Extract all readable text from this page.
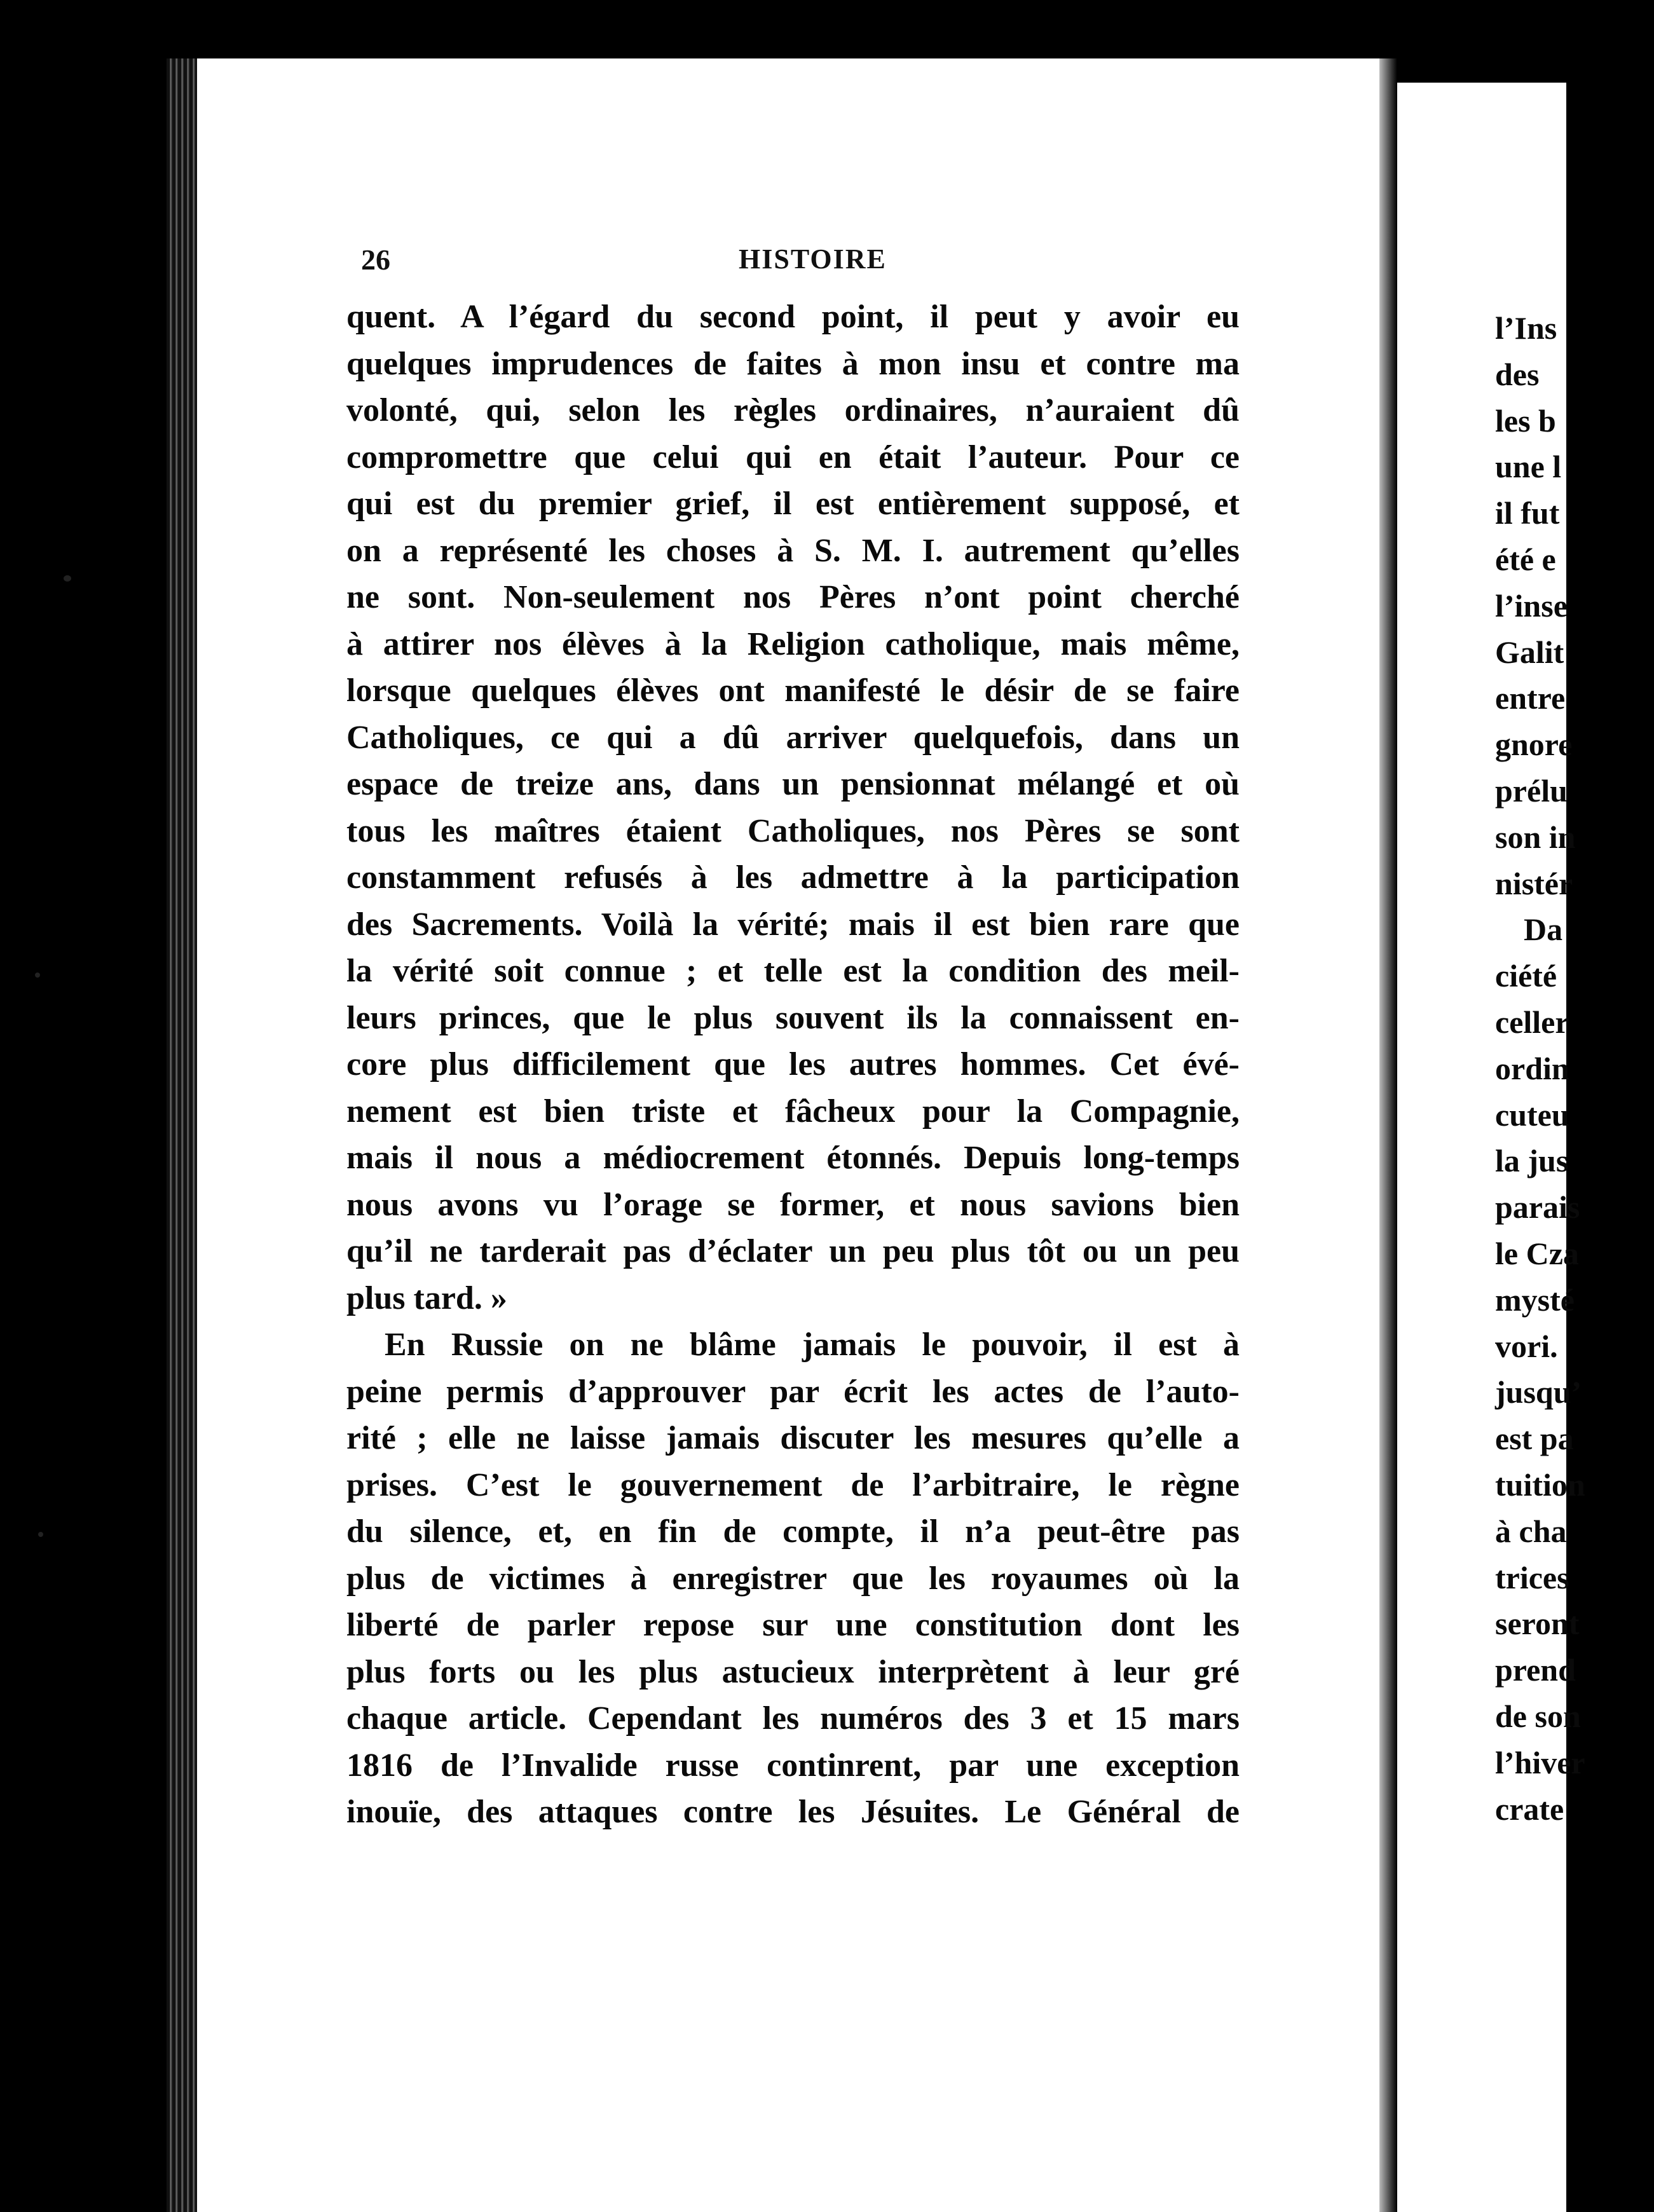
26	HISTOIRE
quent. A l’égard du second point, il peut y avoir eu
quelques imprudences de faites à mon insu et contre ma
volonté, qui, selon les règles ordinaires, n’auraient dû
compromettre que celui qui en était l’auteur. Pour ce
qui est du premier grief, il est entièrement supposé, et
on a représenté les choses à S. M. I. autrement qu’elles
ne sont. Non-seulement nos Pères n’ont point cherché
à attirer nos élèves à la Religion catholique, mais même,
lorsque quelques élèves ont manifesté le désir de se faire
Catholiques, ce qui a dû arriver quelquefois, dans un
espace de treize ans, dans un pensionnat mélangé et où
tous les maîtres étaient Catholiques, nos Pères se sont
constamment refusés à les admettre à la participation
des Sacrements. Voilà la vérité; mais il est bien rare que
la vérité soit connue ; et telle est la condition des meil-
leurs princes, que le plus souvent ils la connaissent en-
core plus difficilement que les autres hommes. Cet évé-
nement est bien triste et fâcheux pour la Compagnie,
mais il nous a médiocrement étonnés. Depuis long-temps
nous avons vu l’orage se former, et nous savions bien
qu’il ne tarderait pas d’éclater un peu plus tôt ou un peu
plus tard. »
En Russie on ne blâme jamais le pouvoir, il est à
peine permis d’approuver par écrit les actes de l’auto-
rité ; elle ne laisse jamais discuter les mesures qu’elle a
prises. C’est le gouvernement de l’arbitraire, le règne
du silence, et, en fin de compte, il n’a peut-être pas
plus de victimes à enregistrer que les royaumes où la
liberté de parler repose sur une constitution dont les
plus forts ou les plus astucieux interprètent à leur gré
chaque article. Cependant les numéros des 3 et 15 mars
1816 de l’Invalide russe continrent, par une exception
inouïe, des attaques contre les Jésuites. Le Général de
l’Ins
des
les b
une l
il fut
été e
l’inse
Galit
entre
gnore
prélu
son in
nistér
Da
ciété
celler
ordin
cuteu
la jus
parais
le Cza
mysté
vori.
jusqu’
est pa
tuition
à cha
trices
seront
prend
de son
l’hiver
crate
